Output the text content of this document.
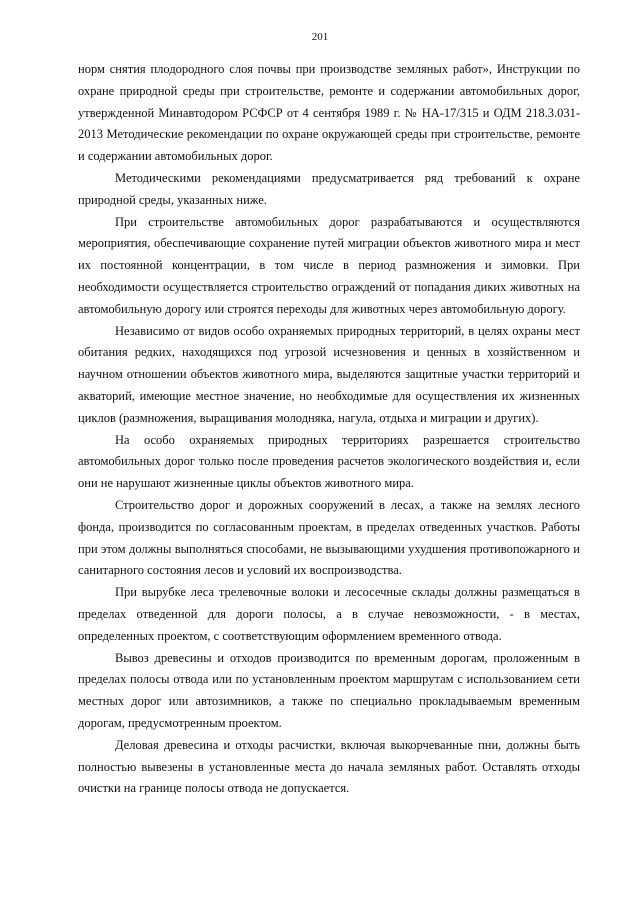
201

норм снятия плодородного слоя почвы при производстве земляных работ», Инструкции по охране природной среды при строительстве, ремонте и содержании автомобильных дорог, утвержденной Минавтодором РСФСР от 4 сентября 1989 г. № НА-17/315 и ОДМ 218.3.031-2013 Методические рекомендации по охране окружающей среды при строительстве, ремонте и содержании автомобильных дорог.

Методическими рекомендациями предусматривается ряд требований к охране природной среды, указанных ниже.

При строительстве автомобильных дорог разрабатываются и осуществляются мероприятия, обеспечивающие сохранение путей миграции объектов животного мира и мест их постоянной концентрации, в том числе в период размножения и зимовки. При необходимости осуществляется строительство ограждений от попадания диких животных на автомобильную дорогу или строятся переходы для животных через автомобильную дорогу.

Независимо от видов особо охраняемых природных территорий, в целях охраны мест обитания редких, находящихся под угрозой исчезновения и ценных в хозяйственном и научном отношении объектов животного мира, выделяются защитные участки территорий и акваторий, имеющие местное значение, но необходимые для осуществления их жизненных циклов (размножения, выращивания молодняка, нагула, отдыха и миграции и других).

На особо охраняемых природных территориях разрешается строительство автомобильных дорог только после проведения расчетов экологического воздействия и, если они не нарушают жизненные циклы объектов животного мира.

Строительство дорог и дорожных сооружений в лесах, а также на землях лесного фонда, производится по согласованным проектам, в пределах отведенных участков. Работы при этом должны выполняться способами, не вызывающими ухудшения противопожарного и санитарного состояния лесов и условий их воспроизводства.

При вырубке леса трелевочные волоки и лесосечные склады должны размещаться в пределах отведенной для дороги полосы, а в случае невозможности, - в местах, определенных проектом, с соответствующим оформлением временного отвода.

Вывоз древесины и отходов производится по временным дорогам, проложенным в пределах полосы отвода или по установленным проектом маршрутам с использованием сети местных дорог или автозимников, а также по специально прокладываемым временным дорогам, предусмотренным проектом.

Деловая древесина и отходы расчистки, включая выкорчеванные пни, должны быть полностью вывезены в установленные места до начала земляных работ. Оставлять отходы очистки на границе полосы отвода не допускается.
